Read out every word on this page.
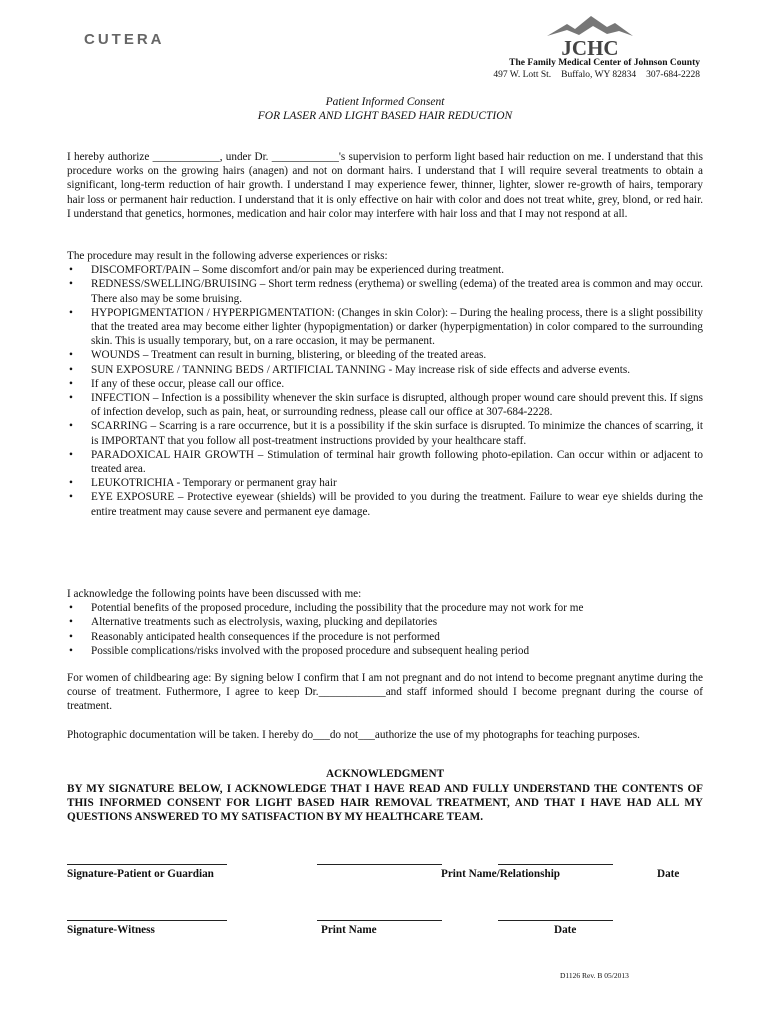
CUTERA	JCHC
The Family Medical Center of Johnson County
497 W. Lott St. Buffalo, WY 82834 307-684-2228
Patient Informed Consent
FOR LASER AND LIGHT BASED HAIR REDUCTION

I hereby authorize ____________, under Dr. ____________'s supervision to perform light based hair reduction on me. I understand that this procedure works on the growing hairs (anagen) and not on dormant hairs. I understand that I will require several treatments to obtain a significant, long-term reduction of hair growth. I understand I may experience fewer, thinner, lighter, slower re-growth of hairs, temporary hair loss or permanent hair reduction. I understand that it is only effective on hair with color and does not treat white, grey, blond, or red hair. I understand that genetics, hormones, medication and hair color may interfere with hair loss and that I may not respond at all.

The procedure may result in the following adverse experiences or risks:

• DISCOMFORT/PAIN – Some discomfort and/or pain may be experienced during treatment.
• REDNESS/SWELLING/BRUISING – Short term redness (erythema) or swelling (edema) of the treated area is common and may occur. There also may be some bruising.
• HYPOPIGMENTATION / HYPERPIGMENTATION: (Changes in skin Color): – During the healing process, there is a slight possibility that the treated area may become either lighter (hypopigmentation) or darker (hyperpigmentation) in color compared to the surrounding skin. This is usually temporary, but, on a rare occasion, it may be permanent.
• WOUNDS – Treatment can result in burning, blistering, or bleeding of the treated areas.
• SUN EXPOSURE / TANNING BEDS / ARTIFICIAL TANNING - May increase risk of side effects and adverse events.
• If any of these occur, please call our office.
• INFECTION – Infection is a possibility whenever the skin surface is disrupted, although proper wound care should prevent this. If signs of infection develop, such as pain, heat, or surrounding redness, please call our office at 307-684-2228.
• SCARRING – Scarring is a rare occurrence, but it is a possibility if the skin surface is disrupted. To minimize the chances of scarring, it is IMPORTANT that you follow all post-treatment instructions provided by your healthcare staff.
• PARADOXICAL HAIR GROWTH – Stimulation of terminal hair growth following photo-epilation. Can occur within or adjacent to treated area.
• LEUKOTRICHIA - Temporary or permanent gray hair
• EYE EXPOSURE – Protective eyewear (shields) will be provided to you during the treatment. Failure to wear eye shields during the entire treatment may cause severe and permanent eye damage.

I acknowledge the following points have been discussed with me:

• Potential benefits of the proposed procedure, including the possibility that the procedure may not work for me
• Alternative treatments such as electrolysis, waxing, plucking and depilatories
• Reasonably anticipated health consequences if the procedure is not performed
• Possible complications/risks involved with the proposed procedure and subsequent healing period

For women of childbearing age: By signing below I confirm that I am not pregnant and do not intend to become pregnant anytime during the course of treatment. Futhermore, I agree to keep Dr.____________and staff informed should I become pregnant during the course of treatment.

Photographic documentation will be taken. I hereby do___do not___authorize the use of my photographs for teaching purposes.

ACKNOWLEDGMENT

BY MY SIGNATURE BELOW, I ACKNOWLEDGE THAT I HAVE READ AND FULLY UNDERSTAND THE CONTENTS OF THIS INFORMED CONSENT FOR LIGHT BASED HAIR REMOVAL TREATMENT, AND THAT I HAVE HAD ALL MY QUESTIONS ANSWERED TO MY SATISFACTION BY MY HEALTHCARE TEAM.

Signature-Patient or Guardian	Print Name/Relationship	Date
Signature-Witness	Print Name	Date
D1126 Rev. B 05/2013
